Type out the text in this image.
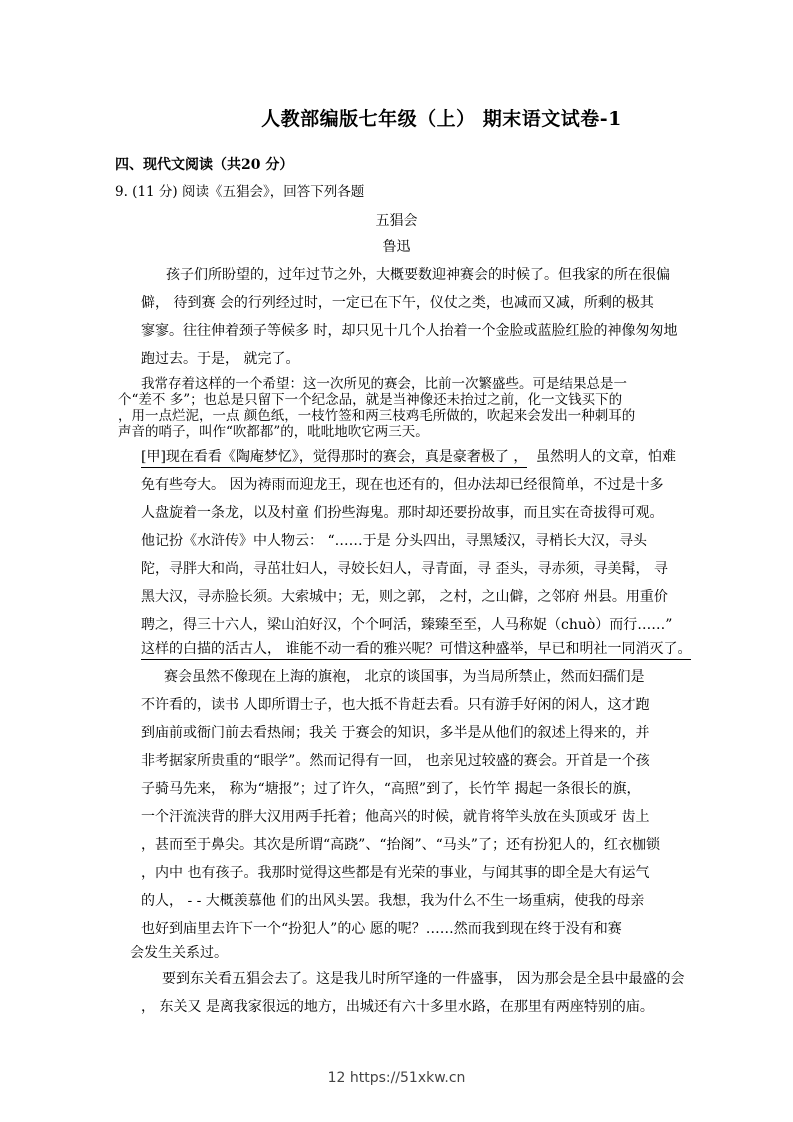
人教部编版七年级（上） 期末语文试卷-1
四、现代文阅读（共20 分）
9. (11 分) 阅读《五猖会》，回答下列各题
五猖会
鲁迅
孩子们所盼望的，过年过节之外，大概要数迎神赛会的时候了。但我家的所在很偏
僻， 待到赛 会的行列经过时，一定已在下午，仪仗之类，也减而又减，所剩的极其
寥寥。往往伸着颈子等候多 时，却只见十几个人抬着一个金脸或蓝脸红脸的神像匆匆地
跑过去。于是， 就完了。
我常存着这样的一个希望：这一次所见的赛会，比前一次繁盛些。可是结果总是一
个“差不 多”；也总是只留下一个纪念品，就是当神像还未抬过之前，化一文钱买下的
，用一点烂泥，一点 颜色纸，一枝竹签和两三枝鸡毛所做的，吹起来会发出一种刺耳的
声音的哨子，叫作“吹都都”的，吡吡地吹它两三天。
[甲]现在看看《陶庵梦忆》，觉得那时的赛会，真是豪奢极了 ， 虽然明人的文章，怕难
免有些夸大。 因为祷雨而迎龙王，现在也还有的，但办法却已经很简单，不过是十多
人盘旋着一条龙，以及村童 们扮些海鬼。那时却还要扮故事，而且实在奇拔得可观。
他记扮《水浒传》中人物云： “……于是 分头四出，寻黑矮汉，寻梢长大汉，寻头
陀，寻胖大和尚，寻茁壮妇人，寻姣长妇人，寻青面，寻 歪头，寻赤须，寻美髯， 寻
黑大汉，寻赤脸长须。大索城中；无，则之郭， 之村，之山僻，之邻府 州县。用重价
聘之，得三十六人，梁山泊好汉，个个呵活，臻臻至至，人马称娖（chuò）而行……”
这样的白描的活古人， 谁能不动一看的雅兴呢？可惜这种盛举，早已和明社一同消灭了。
赛会虽然不像现在上海的旗袍， 北京的谈国事，为当局所禁止，然而妇孺们是
不许看的，读书 人即所谓士子，也大抵不肯赶去看。只有游手好闲的闲人，这才跑
到庙前或衙门前去看热闹；我关 于赛会的知识，多半是从他们的叙述上得来的，并
非考据家所贵重的“眼学”。然而记得有一回， 也亲见过较盛的赛会。开首是一个孩
子骑马先来， 称为“塘报”；过了许久，“高照”到了，长竹竿 揭起一条很长的旗，
一个汗流浃背的胖大汉用两手托着；他高兴的时候，就肯将竿头放在头顶或牙 齿上
，甚而至于鼻尖。其次是所谓“高跷”、“抬阁”、“马头”了；还有扮犯人的，红衣枷锁
，内中 也有孩子。我那时觉得这些都是有光荣的事业，与闻其事的即全是大有运气
的人， - - 大概羡慕他 们的出风头罢。我想，我为什么不生一场重病，使我的母亲
也好到庙里去许下一个“扮犯人”的心 愿的呢？……然而我到现在终于没有和赛
会发生关系过。
要到东关看五猖会去了。这是我儿时所罕逢的一件盛事， 因为那会是全县中最盛的会
， 东关又 是离我家很远的地方，出城还有六十多里水路，在那里有两座特别的庙。
12 https://51xkw.cn
